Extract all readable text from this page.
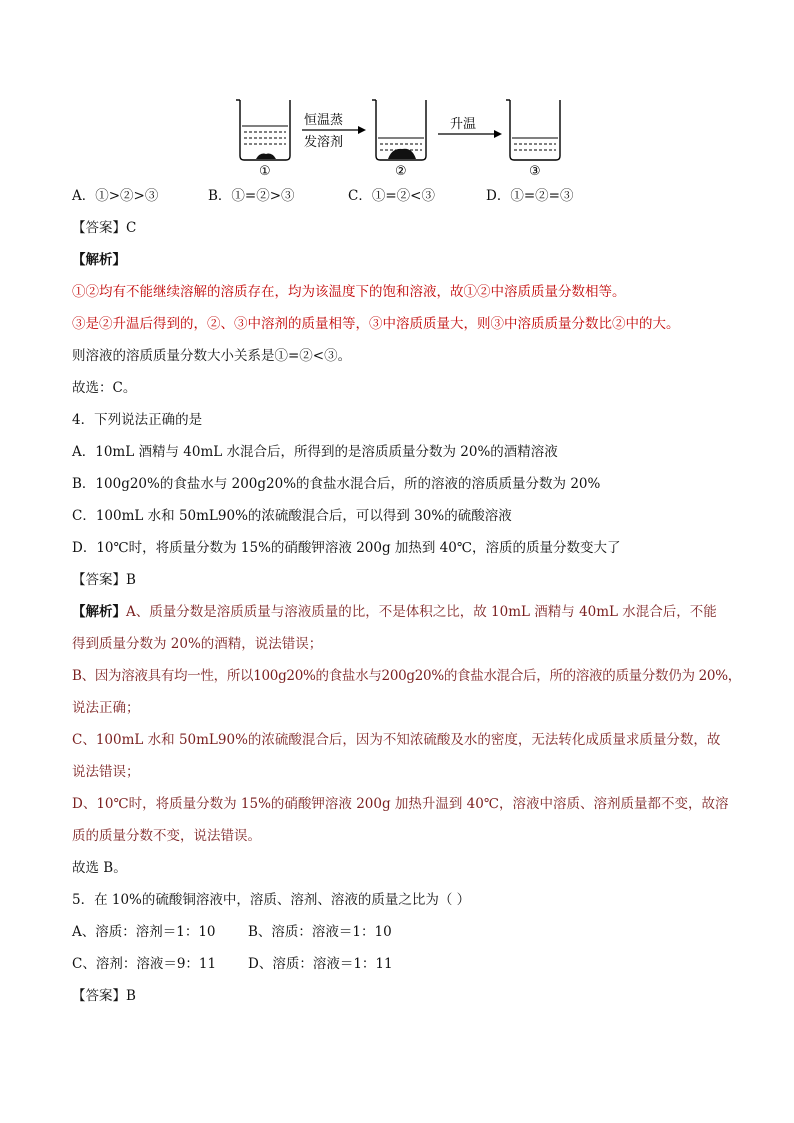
恒温蒸
发溶剂
升温
①	②	③
A．①>②>③	B．①=②>③	C．①=②<③	D．①=②=③
【答案】C
【解析】
①②均有不能继续溶解的溶质存在，均为该温度下的饱和溶液，故①②中溶质质量分数相等。
③是②升温后得到的，②、③中溶剂的质量相等，③中溶质质量大，则③中溶质质量分数比②中的大。
则溶液的溶质质量分数大小关系是①=②<③。
故选：C。
4．下列说法正确的是
A．10mL 酒精与 40mL 水混合后，所得到的是溶质质量分数为 20%的酒精溶液
B．100g20%的食盐水与 200g20%的食盐水混合后，所的溶液的溶质质量分数为 20%
C．100mL 水和 50mL90%的浓硫酸混合后，可以得到 30%的硫酸溶液
D．10℃时，将质量分数为 15%的硝酸钾溶液 200g 加热到 40℃，溶质的质量分数变大了
【答案】B
【解析】A、质量分数是溶质质量与溶液质量的比，不是体积之比，故 10mL 酒精与 40mL 水混合后，不能
得到质量分数为 20%的酒精，说法错误；
B、因为溶液具有均一性，所以100g20%的食盐水与200g20%的食盐水混合后，所的溶液的质量分数仍为 20%，
说法正确；
C、100mL 水和 50mL90%的浓硫酸混合后，因为不知浓硫酸及水的密度，无法转化成质量求质量分数，故
说法错误；
D、10℃时，将质量分数为 15%的硝酸钾溶液 200g 加热升温到 40℃，溶液中溶质、溶剂质量都不变，故溶
质的质量分数不变，说法错误。
故选 B。
5．在 10%的硫酸铜溶液中，溶质、溶剂、溶液的质量之比为（ ）
A、溶质：溶剂＝1：10 B、溶质：溶液＝1：10
C、溶剂：溶液＝9：11 D、溶质：溶液＝1：11
【答案】B
